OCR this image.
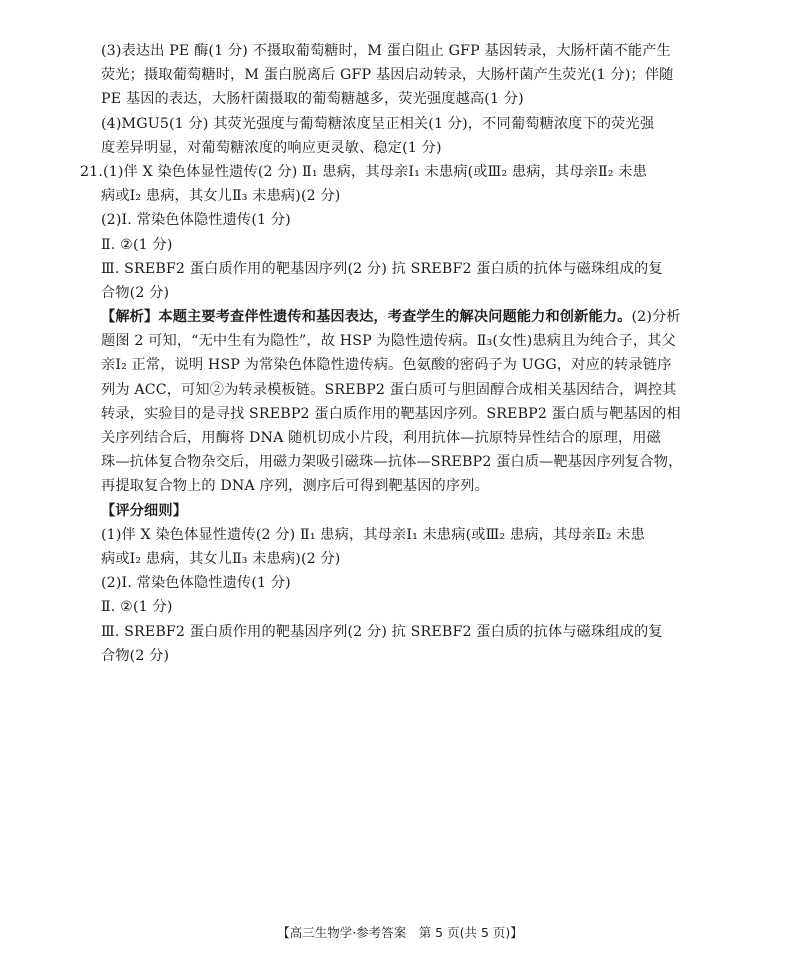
(3)表达出 PE 酶(1 分) 不摄取葡萄糖时，M 蛋白阻止 GFP 基因转录，大肠杆菌不能产生
荧光；摄取葡萄糖时，M 蛋白脱离后 GFP 基因启动转录，大肠杆菌产生荧光(1 分)；伴随
PE 基因的表达，大肠杆菌摄取的葡萄糖越多，荧光强度越高(1 分)
(4)MGU5(1 分) 其荧光强度与葡萄糖浓度呈正相关(1 分)，不同葡萄糖浓度下的荧光强
度差异明显，对葡萄糖浓度的响应更灵敏、稳定(1 分)
21.(1)伴 X 染色体显性遗传(2 分) Ⅱ₁ 患病，其母亲Ⅰ₁ 未患病(或Ⅲ₂ 患病，其母亲Ⅱ₂ 未患
病或Ⅰ₂ 患病，其女儿Ⅱ₃ 未患病)(2 分)
(2)Ⅰ. 常染色体隐性遗传(1 分)
Ⅱ. ②(1 分)
Ⅲ. SREBF2 蛋白质作用的靶基因序列(2 分) 抗 SREBF2 蛋白质的抗体与磁珠组成的复
合物(2 分)
【解析】本题主要考查伴性遗传和基因表达，考查学生的解决问题能力和创新能力。(2)分析
题图 2 可知，“无中生有为隐性”，故 HSP 为隐性遗传病。Ⅱ₃(女性)患病且为纯合子，其父
亲Ⅰ₂ 正常，说明 HSP 为常染色体隐性遗传病。色氨酸的密码子为 UGG，对应的转录链序
列为 ACC，可知②为转录模板链。SREBP2 蛋白质可与胆固醇合成相关基因结合，调控其
转录，实验目的是寻找 SREBP2 蛋白质作用的靶基因序列。SREBP2 蛋白质与靶基因的相
关序列结合后，用酶将 DNA 随机切成小片段，利用抗体—抗原特异性结合的原理，用磁
珠—抗体复合物杂交后，用磁力架吸引磁珠—抗体—SREBP2 蛋白质—靶基因序列复合物，
再提取复合物上的 DNA 序列，测序后可得到靶基因的序列。
【评分细则】
(1)伴 X 染色体显性遗传(2 分) Ⅱ₁ 患病，其母亲Ⅰ₁ 未患病(或Ⅲ₂ 患病，其母亲Ⅱ₂ 未患
病或Ⅰ₂ 患病，其女儿Ⅱ₃ 未患病)(2 分)
(2)Ⅰ. 常染色体隐性遗传(1 分)
Ⅱ. ②(1 分)
Ⅲ. SREBF2 蛋白质作用的靶基因序列(2 分) 抗 SREBF2 蛋白质的抗体与磁珠组成的复
合物(2 分)
【高三生物学·参考答案　第 5 页(共 5 页)】
